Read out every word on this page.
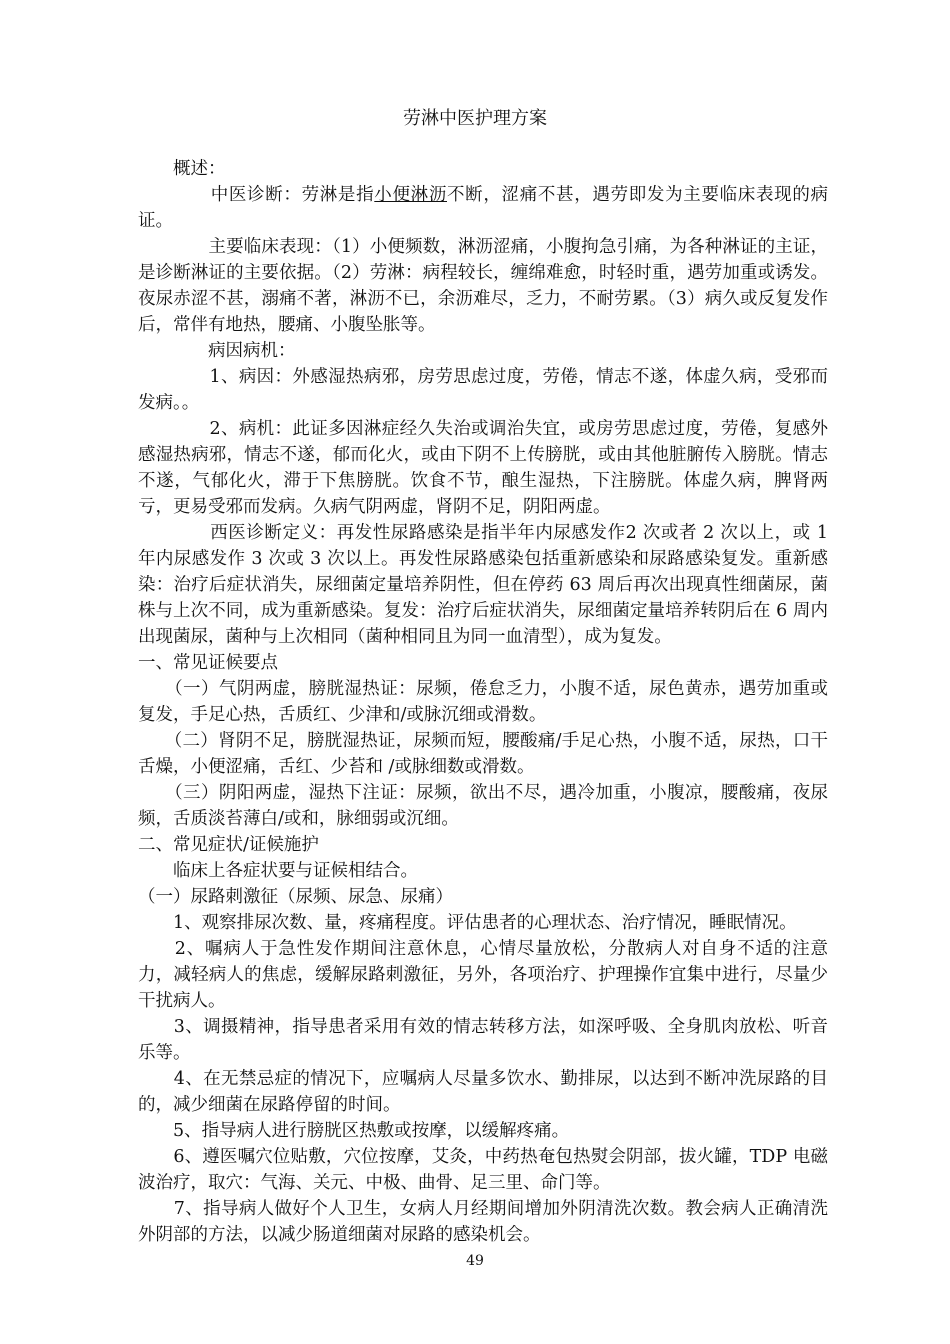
劳淋中医护理方案

　　概述：

　　　　中医诊断：劳淋是指小便淋沥不断，涩痛不甚，遇劳即发为主要临床表现的病证。

　　　　主要临床表现：（1）小便频数，淋沥涩痛，小腹拘急引痛，为各种淋证的主证，是诊断淋证的主要依据。（2）劳淋：病程较长，缠绵难愈，时轻时重，遇劳加重或诱发。夜尿赤涩不甚，溺痛不著，淋沥不已，余沥难尽，乏力，不耐劳累。（3）病久或反复发作后，常伴有地热，腰痛、小腹坠胀等。

　　　　病因病机：

　　　　1、病因：外感湿热病邪，房劳思虑过度，劳倦，情志不遂，体虚久病，受邪而发病。。

　　　　2、病机：此证多因淋症经久失治或调治失宜，或房劳思虑过度，劳倦，复感外感湿热病邪，情志不遂，郁而化火，或由下阴不上传膀胱，或由其他脏腑传入膀胱。情志不遂，气郁化火，滞于下焦膀胱。饮食不节，酿生湿热，下注膀胱。体虚久病，脾肾两亏，更易受邪而发病。久病气阴两虚，肾阴不足，阴阳两虚。

　　　　西医诊断定义：再发性尿路感染是指半年内尿感发作2 次或者 2 次以上，或 1 年内尿感发作 3 次或 3 次以上。再发性尿路感染包括重新感染和尿路感染复发。重新感染：治疗后症状消失，尿细菌定量培养阴性，但在停药 63 周后再次出现真性细菌尿，菌株与上次不同，成为重新感染。复发：治疗后症状消失，尿细菌定量培养转阴后在 6 周内出现菌尿，菌种与上次相同（菌种相同且为同一血清型），成为复发。

一、常见证候要点

　　（一）气阴两虚，膀胱湿热证：尿频，倦怠乏力，小腹不适，尿色黄赤，遇劳加重或复发，手足心热，舌质红、少津和/或脉沉细或滑数。

　　（二）肾阴不足，膀胱湿热证，尿频而短，腰酸痛/手足心热，小腹不适，尿热，口干舌燥，小便涩痛，舌红、少苔和 /或脉细数或滑数。

　　（三）阴阳两虚，湿热下注证：尿频，欲出不尽，遇冷加重，小腹凉，腰酸痛，夜尿频，舌质淡苔薄白/或和，脉细弱或沉细。

二、常见症状/证候施护

　　临床上各症状要与证候相结合。

（一）尿路刺激征（尿频、尿急、尿痛）

　　1、观察排尿次数、量，疼痛程度。评估患者的心理状态、治疗情况，睡眠情况。

　　2、嘱病人于急性发作期间注意休息，心情尽量放松，分散病人对自身不适的注意力，减轻病人的焦虑，缓解尿路刺激征，另外，各项治疗、护理操作宜集中进行，尽量少干扰病人。

　　3、调摄精神，指导患者采用有效的情志转移方法，如深呼吸、全身肌肉放松、听音乐等。

　　4、在无禁忌症的情况下，应嘱病人尽量多饮水、勤排尿，以达到不断冲洗尿路的目的，减少细菌在尿路停留的时间。

　　5、指导病人进行膀胱区热敷或按摩，以缓解疼痛。

　　6、遵医嘱穴位贴敷，穴位按摩，艾灸，中药热奄包热熨会阴部，拔火罐，TDP 电磁波治疗，取穴：气海、关元、中极、曲骨、足三里、命门等。

　　7、指导病人做好个人卫生，女病人月经期间增加外阴清洗次数。教会病人正确清洗外阴部的方法，以减少肠道细菌对尿路的感染机会。

49
